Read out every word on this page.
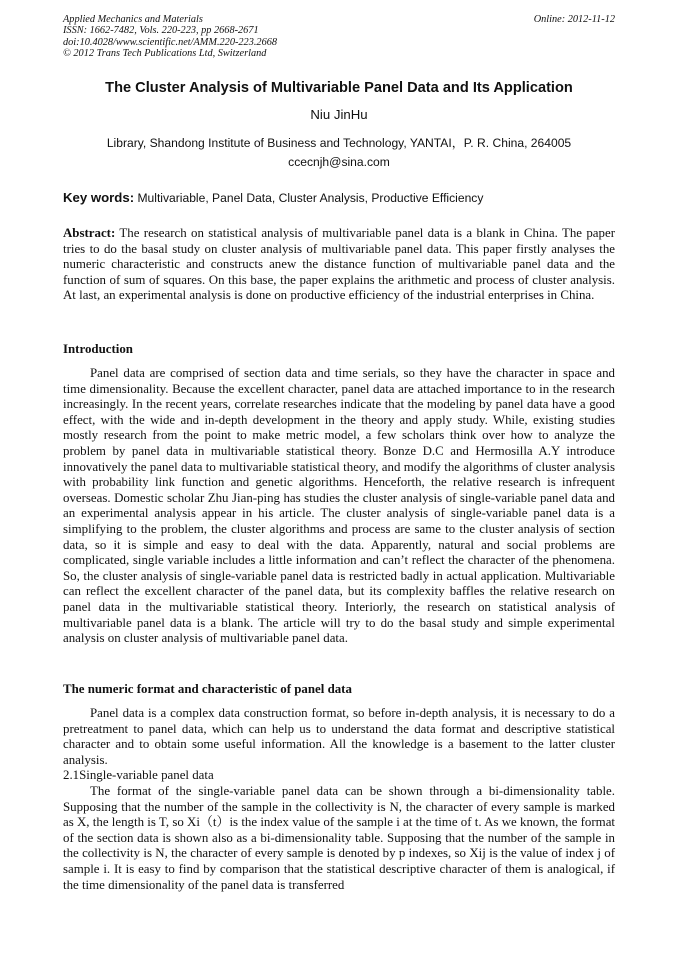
Applied Mechanics and Materials
ISSN: 1662-7482, Vols. 220-223, pp 2668-2671
doi:10.4028/www.scientific.net/AMM.220-223.2668
© 2012 Trans Tech Publications Ltd, Switzerland
Online: 2012-11-12
The Cluster Analysis of Multivariable Panel Data and Its Application
Niu JinHu
Library, Shandong Institute of Business and Technology, YANTAI，P. R. China, 264005
ccecnjh@sina.com
Key words: Multivariable, Panel Data, Cluster Analysis, Productive Efficiency

Abstract: The research on statistical analysis of multivariable panel data is a blank in China. The paper tries to do the basal study on cluster analysis of multivariable panel data. This paper firstly analyses the numeric characteristic and constructs anew the distance function of multivariable panel data and the function of sum of squares. On this base, the paper explains the arithmetic and process of cluster analysis. At last, an experimental analysis is done on productive efficiency of the industrial enterprises in China.

Introduction

Panel data are comprised of section data and time serials, so they have the character in space and time dimensionality. Because the excellent character, panel data are attached importance to in the research increasingly. In the recent years, correlate researches indicate that the modeling by panel data have a good effect, with the wide and in-depth development in the theory and apply study. While, existing studies mostly research from the point to make metric model, a few scholars think over how to analyze the problem by panel data in multivariable statistical theory. Bonze D.C and Hermosilla A.Y introduce innovatively the panel data to multivariable statistical theory, and modify the algorithms of cluster analysis with probability link function and genetic algorithms. Henceforth, the relative research is infrequent overseas. Domestic scholar Zhu Jian-ping has studies the cluster analysis of single-variable panel data and an experimental analysis appear in his article. The cluster analysis of single-variable panel data is a simplifying to the problem, the cluster algorithms and process are same to the cluster analysis of section data, so it is simple and easy to deal with the data. Apparently, natural and social problems are complicated, single variable includes a little information and can’t reflect the character of the phenomena. So, the cluster analysis of single-variable panel data is restricted badly in actual application. Multivariable can reflect the excellent character of the panel data, but its complexity baffles the relative research on panel data in the multivariable statistical theory. Interiorly, the research on statistical analysis of multivariable panel data is a blank. The article will try to do the basal study and simple experimental analysis on cluster analysis of multivariable panel data.

The numeric format and characteristic of panel data

Panel data is a complex data construction format, so before in-depth analysis, it is necessary to do a pretreatment to panel data, which can help us to understand the data format and descriptive statistical character and to obtain some useful information. All the knowledge is a basement to the latter cluster analysis.

2.1Single-variable panel data

The format of the single-variable panel data can be shown through a bi-dimensionality table. Supposing that the number of the sample in the collectivity is N, the character of every sample is marked as X, the length is T, so Xi（t）is the index value of the sample i at the time of t. As we known, the format of the section data is shown also as a bi-dimensionality table. Supposing that the number of the sample in the collectivity is N, the character of every sample is denoted by p indexes, so Xij is the value of index j of sample i. It is easy to find by comparison that the statistical descriptive character of them is analogical, if the time dimensionality of the panel data is transferred
